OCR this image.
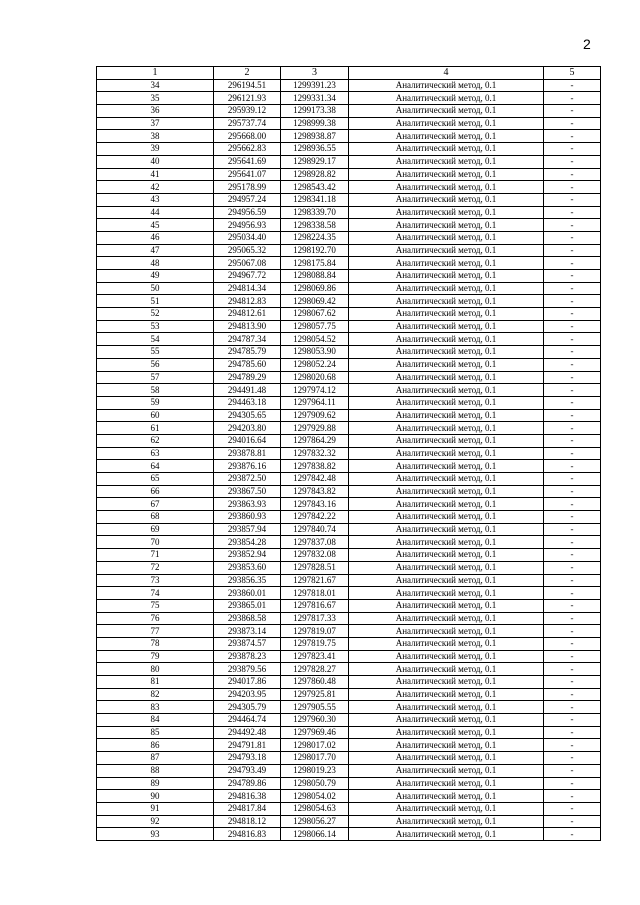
2
1	2	3	4	5
34	296194.51	1299391.23	Аналитический метод, 0.1	-
35	296121.93	1299331.34	Аналитический метод, 0.1	-
36	295939.12	1299173.38	Аналитический метод, 0.1	-
37	295737.74	1298999.38	Аналитический метод, 0.1	-
38	295668.00	1298938.87	Аналитический метод, 0.1	-
39	295662.83	1298936.55	Аналитический метод, 0.1	-
40	295641.69	1298929.17	Аналитический метод, 0.1	-
41	295641.07	1298928.82	Аналитический метод, 0.1	-
42	295178.99	1298543.42	Аналитический метод, 0.1	-
43	294957.24	1298341.18	Аналитический метод, 0.1	-
44	294956.59	1298339.70	Аналитический метод, 0.1	-
45	294956.93	1298338.58	Аналитический метод, 0.1	-
46	295034.40	1298224.35	Аналитический метод, 0.1	-
47	295065.32	1298192.70	Аналитический метод, 0.1	-
48	295067.08	1298175.84	Аналитический метод, 0.1	-
49	294967.72	1298088.84	Аналитический метод, 0.1	-
50	294814.34	1298069.86	Аналитический метод, 0.1	-
51	294812.83	1298069.42	Аналитический метод, 0.1	-
52	294812.61	1298067.62	Аналитический метод, 0.1	-
53	294813.90	1298057.75	Аналитический метод, 0.1	-
54	294787.34	1298054.52	Аналитический метод, 0.1	-
55	294785.79	1298053.90	Аналитический метод, 0.1	-
56	294785.60	1298052.24	Аналитический метод, 0.1	-
57	294789.29	1298020.68	Аналитический метод, 0.1	-
58	294491.48	1297974.12	Аналитический метод, 0.1	-
59	294463.18	1297964.11	Аналитический метод, 0.1	-
60	294305.65	1297909.62	Аналитический метод, 0.1	-
61	294203.80	1297929.88	Аналитический метод, 0.1	-
62	294016.64	1297864.29	Аналитический метод, 0.1	-
63	293878.81	1297832.32	Аналитический метод, 0.1	-
64	293876.16	1297838.82	Аналитический метод, 0.1	-
65	293872.50	1297842.48	Аналитический метод, 0.1	-
66	293867.50	1297843.82	Аналитический метод, 0.1	-
67	293863.93	1297843.16	Аналитический метод, 0.1	-
68	293860.93	1297842.22	Аналитический метод, 0.1	-
69	293857.94	1297840.74	Аналитический метод, 0.1	-
70	293854.28	1297837.08	Аналитический метод, 0.1	-
71	293852.94	1297832.08	Аналитический метод, 0.1	-
72	293853.60	1297828.51	Аналитический метод, 0.1	-
73	293856.35	1297821.67	Аналитический метод, 0.1	-
74	293860.01	1297818.01	Аналитический метод, 0.1	-
75	293865.01	1297816.67	Аналитический метод, 0.1	-
76	293868.58	1297817.33	Аналитический метод, 0.1	-
77	293873.14	1297819.07	Аналитический метод, 0.1	-
78	293874.57	1297819.75	Аналитический метод, 0.1	-
79	293878.23	1297823.41	Аналитический метод, 0.1	-
80	293879.56	1297828.27	Аналитический метод, 0.1	-
81	294017.86	1297860.48	Аналитический метод, 0.1	-
82	294203.95	1297925.81	Аналитический метод, 0.1	-
83	294305.79	1297905.55	Аналитический метод, 0.1	-
84	294464.74	1297960.30	Аналитический метод, 0.1	-
85	294492.48	1297969.46	Аналитический метод, 0.1	-
86	294791.81	1298017.02	Аналитический метод, 0.1	-
87	294793.18	1298017.70	Аналитический метод, 0.1	-
88	294793.49	1298019.23	Аналитический метод, 0.1	-
89	294789.86	1298050.79	Аналитический метод, 0.1	-
90	294816.38	1298054.02	Аналитический метод, 0.1	-
91	294817.84	1298054.63	Аналитический метод, 0.1	-
92	294818.12	1298056.27	Аналитический метод, 0.1	-
93	294816.83	1298066.14	Аналитический метод, 0.1	-
